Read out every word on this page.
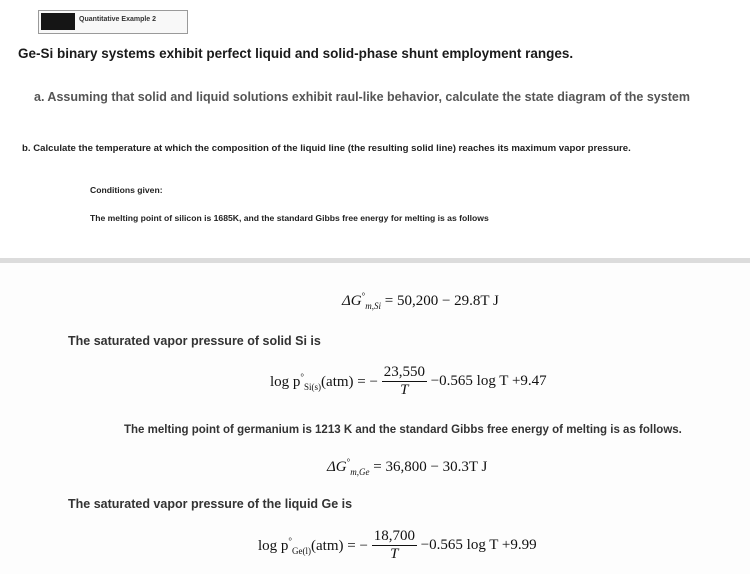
Quantitative Example 2
Ge-Si binary systems exhibit perfect liquid and solid-phase shunt employment ranges.
a. Assuming that solid and liquid solutions exhibit raul-like behavior, calculate the state diagram of the system
b. Calculate the temperature at which the composition of the liquid line (the resulting solid line) reaches its maximum vapor pressure.
Conditions given:
The melting point of silicon is 1685K, and the standard Gibbs free energy for melting is as follows
$\Delta G^\circ_{m,Si} = 50,200 - 29.8T$ J
The saturated vapor pressure of solid Si is
$\log p^\circ_{Si(s)}(atm)$ = − $\frac{23,550}{T} -0.565$ log T +9.47
The melting point of germanium is 1213 K and the standard Gibbs free energy of melting is as follows.
$\Delta G^\circ_{m,Ge} = 36,800 - 30.3T$ J
The saturated vapor pressure of the liquid Ge is
$\log p^\circ_{Ge(l)}(atm)$ = − $\frac{18,700}{T} -0.565$ log T +9.99
